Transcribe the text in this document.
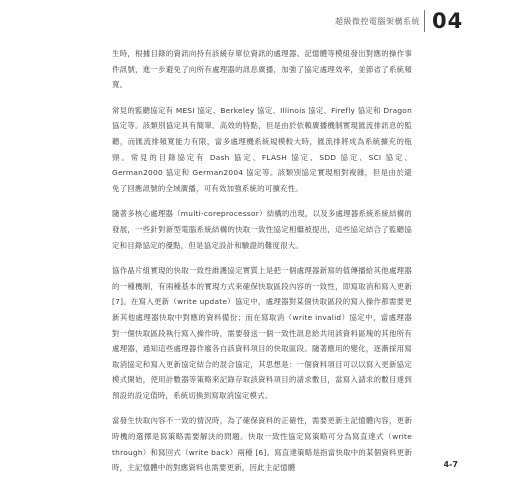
超級微控電腦架構系統 04

生時，根據目錄的資訊向持有該緩存單位資訊的處理器、記憶體等模組發出對應的操作事件訊號，進一步避免了向所有處理器的訊息廣播，加強了協定處理效率，並節省了系統頻寬。

常見的監聽協定有 MESI 協定、Berkeley 協定、Illinois 協定、Firefly 協定和 Dragon 協定等。該類別協定具有簡單、高效的特點，但是由於依賴廣播機制實現匯流排訊息的監聽，而匯流排頻寬能力有限，當多處理機系統規模較大時，匯流排將成為系統擴充的瓶頸。常見的目錄協定有 Dash 協定、FLASH 協定、SDD 協定、SCI 協定、German2000 協定和 German2004 協定等。該類別協定實現相對複雜，但是由於避免了回應訊號的全域廣播，可有效加強系統的可擴充性。

隨著多核心處理器（multi-coreprocessor）結構的出現，以及多處理器系統系統結構的發展，一些針對新型電腦系統結構的快取一致性協定相繼被提出，這些協定結合了監聽協定和目錄協定的優點，但是協定設計和驗證的難度很大。

協作晶片組實現的快取一致性維護協定實質上是把一個處理器新寫的值傳播給其他處理器的一種機制，有兩種基本的實現方式來確保快取區段內容的一致性，即寫取消和寫入更新 [7]。在寫入更新（write update）協定中，處理器對某個快取區段的寫入操作都需要更新其他處理器快取中對應的資料備份；而在寫取消（write invalid）協定中，當處理器對一個快取區段執行寫入操作時，需要發送一個一致性訊息給共用該資料區塊的其他所有處理器，通知這些處理器作廢各自該資料項目的快取區段。隨著應用的變化，逐漸採用寫取消協定和寫入更新協定結合的混合協定，其思想是：一個資料項目可以以寫入更新協定模式開始，使用計數器等策略來記錄存取該資料項目的請求數目，當寫入請求的數目達到預設的設定值時，系統切換到寫取消協定模式。

當發生快取內容不一致的情況時，為了確保資料的正確性，需要更新主記憶體內容，更新時機的選擇是寫策略需要解決的問題。快取一致性協定寫策略可分為寫直達式（write through）和寫回式（write back）兩種 [6]。寫直達策略是指當快取中的某個資料更新時，主記憶體中的對應資料也需要更新，因此主記憶體	4-7
